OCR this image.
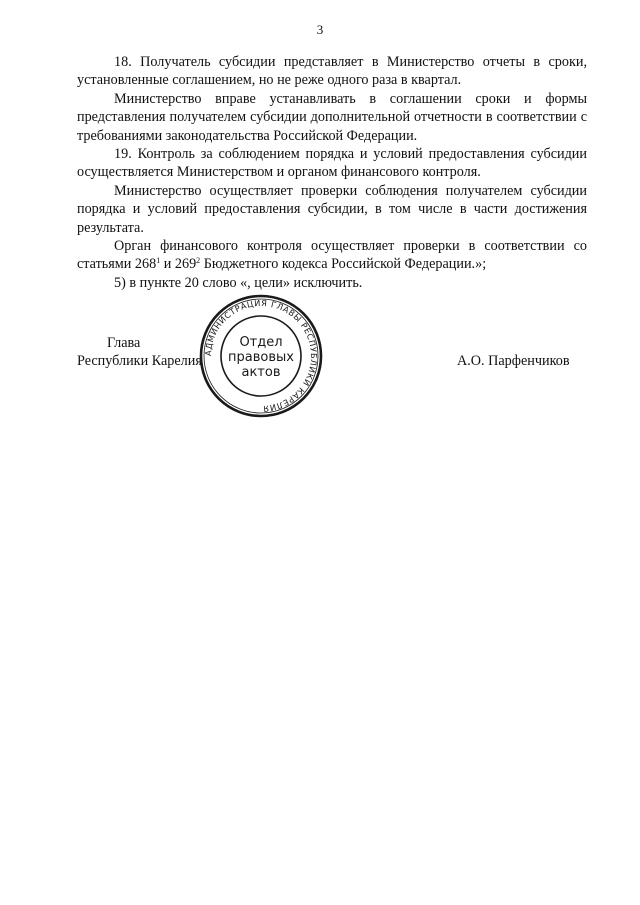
3

18. Получатель субсидии представляет в Министерство отчеты в сроки, установленные соглашением, но не реже одного раза в квартал.

Министерство вправе устанавливать в соглашении сроки и формы представления получателем субсидии дополнительной отчетности в соответствии с требованиями законодательства Российской Федерации.

19. Контроль за соблюдением порядка и условий предоставления субсидии осуществляется Министерством и органом финансового контроля.

Министерство осуществляет проверки соблюдения получателем субсидии порядка и условий предоставления субсидии, в том числе в части достижения результата.

Орган финансового контроля осуществляет проверки в соответствии со статьями $268^1$ и $269^2$ Бюджетного кодекса Российской Федерации.»;

5) в пункте 20 слово «, цели» исключить.

Глава
Республики Карелия	А.О. Парфенчиков
АДМИНИСТРАЦИЯ ГЛАВЫ РЕСПУБЛИКИ КАРЕЛИЯ
Отдел
правовых
актов
